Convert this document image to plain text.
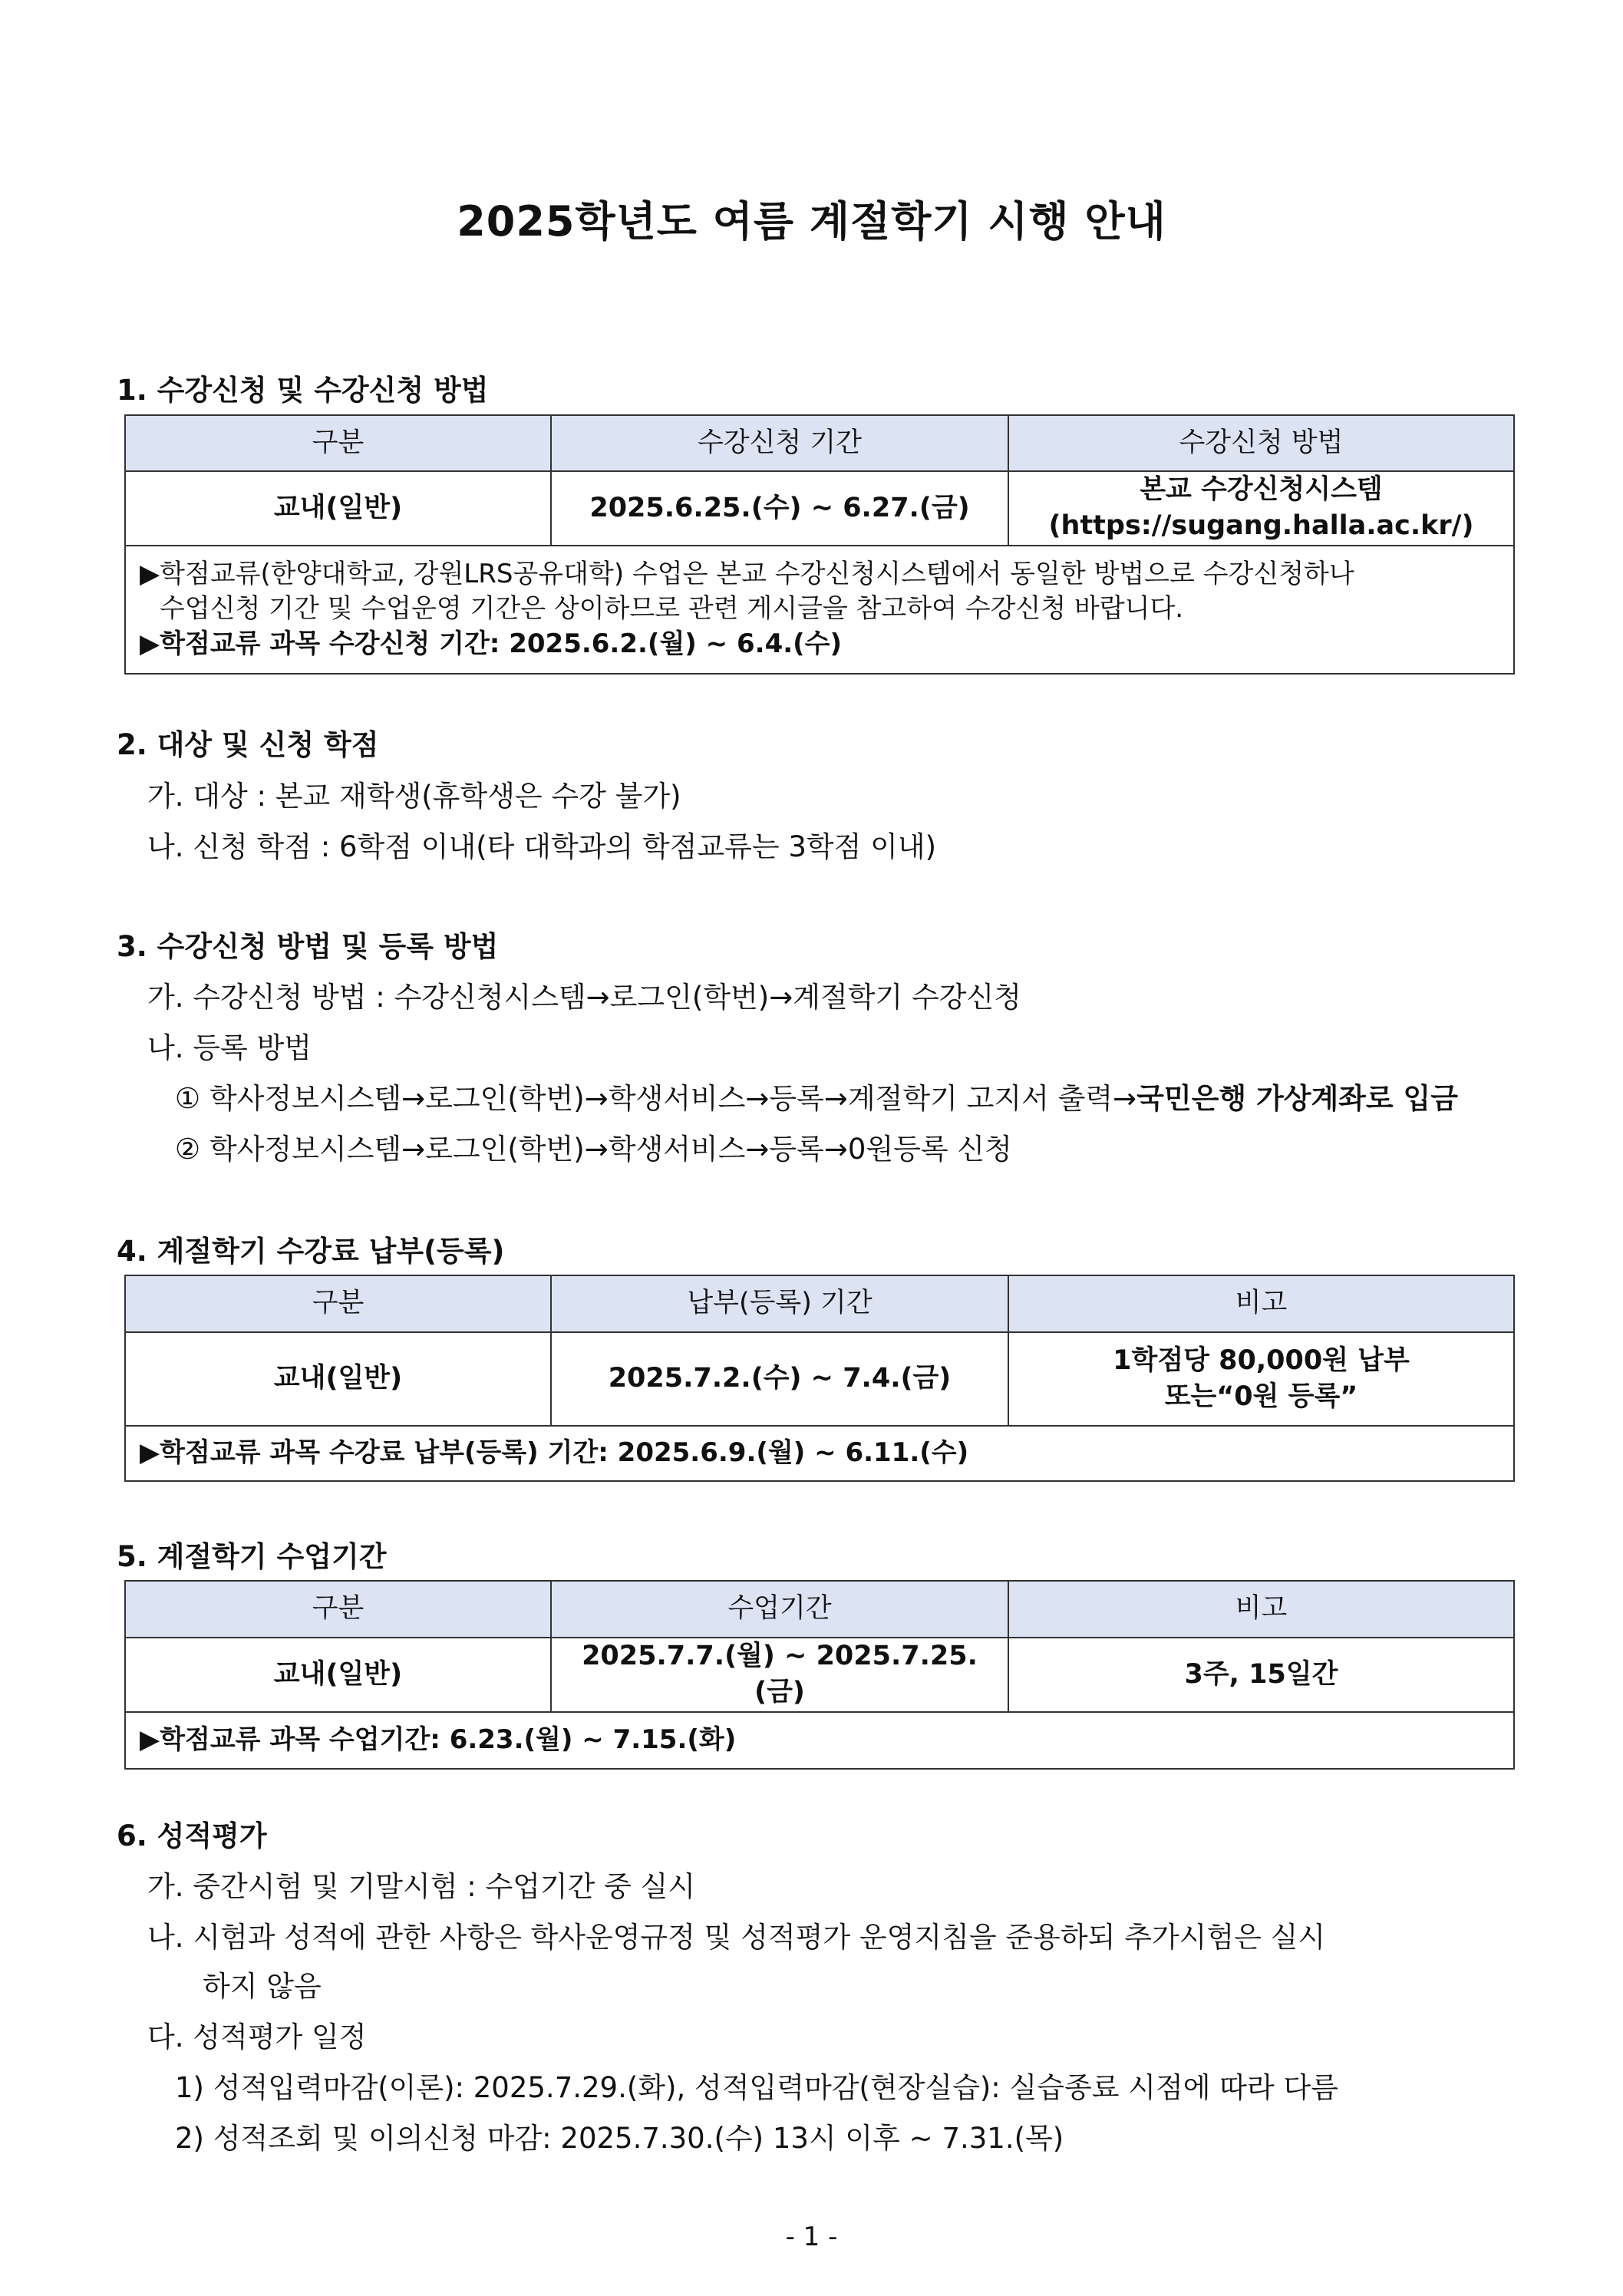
2025학년도 여름 계절학기 시행 안내
1. 수강신청 및 수강신청 방법
구분	수강신청 기간	수강신청 방법
교내(일반)	2025.6.25.(수) ~ 6.27.(금)	본교 수강신청시스템
(https://sugang.halla.ac.kr/)

▶학점교류(한양대학교, 강원LRS공유대학) 수업은 본교 수강신청시스템에서 동일한 방법으로 수강신청하나
수업신청 기간 및 수업운영 기간은 상이하므로 관련 게시글을 참고하여 수강신청 바랍니다.
▶학점교류 과목 수강신청 기간: 2025.6.2.(월) ~ 6.4.(수)		
2. 대상 및 신청 학점
가. 대상 : 본교 재학생(휴학생은 수강 불가)
나. 신청 학점 : 6학점 이내(타 대학과의 학점교류는 3학점 이내)
3. 수강신청 방법 및 등록 방법
가. 수강신청 방법 : 수강신청시스템→로그인(학번)→계절학기 수강신청
나. 등록 방법
① 학사정보시스템→로그인(학번)→학생서비스→등록→계절학기 고지서 출력→국민은행 가상계좌로 입금
② 학사정보시스템→로그인(학번)→학생서비스→등록→0원등록 신청
4. 계절학기 수강료 납부(등록)
구분	납부(등록) 기간	비고
교내(일반)	2025.7.2.(수) ~ 7.4.(금)	1학점당 80,000원 납부
또는“0원 등록”

▶학점교류 과목 수강료 납부(등록) 기간: 2025.6.9.(월) ~ 6.11.(수)		
5. 계절학기 수업기간
구분	수업기간	비고
교내(일반)	2025.7.7.(월) ~ 2025.7.25.(금)	3주, 15일간
▶학점교류 과목 수업기간: 6.23.(월) ~ 7.15.(화)		
6. 성적평가
가. 중간시험 및 기말시험 : 수업기간 중 실시
나. 시험과 성적에 관한 사항은 학사운영규정 및 성적평가 운영지침을 준용하되 추가시험은 실시
하지 않음
다. 성적평가 일정
1) 성적입력마감(이론): 2025.7.29.(화), 성적입력마감(현장실습): 실습종료 시점에 따라 다름
2) 성적조회 및 이의신청 마감: 2025.7.30.(수) 13시 이후 ~ 7.31.(목)
- 1 -
